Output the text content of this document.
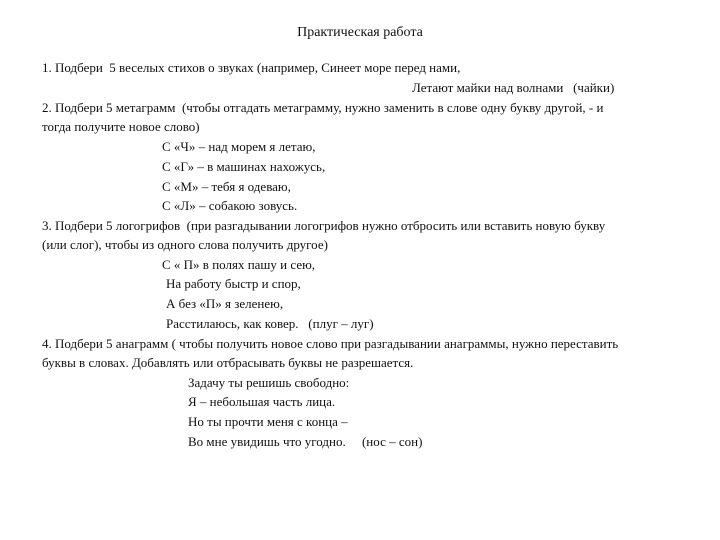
Практическая работа
1. Подбери  5 веселых стихов о звуках (например, Синеет море перед нами,
Летают майки над волнами   (чайки)
2. Подбери 5 метаграмм  (чтобы отгадать метаграмму, нужно заменить в слове одну букву другой, - и
тогда получите новое слово)
С «Ч» – над морем я летаю,
С «Г» – в машинах нахожусь,
С «М» – тебя я одеваю,
С «Л» – собакою зовусь.
3. Подбери 5 логогрифов  (при разгадывании логогрифов нужно отбросить или вставить новую букву
(или слог), чтобы из одного слова получить другое)
С « П» в полях пашу и сею,
На работу быстр и спор,
А без «П» я зеленею,
Расстилаюсь, как ковер.   (плуг – луг)
4. Подбери 5 анаграмм ( чтобы получить новое слово при разгадывании анаграммы, нужно переставить
буквы в словах. Добавлять или отбрасывать буквы не разрешается.
Задачу ты решишь свободно:
Я – небольшая часть лица.
Но ты прочти меня с конца –
Во мне увидишь что угодно.     (нос – сон)
